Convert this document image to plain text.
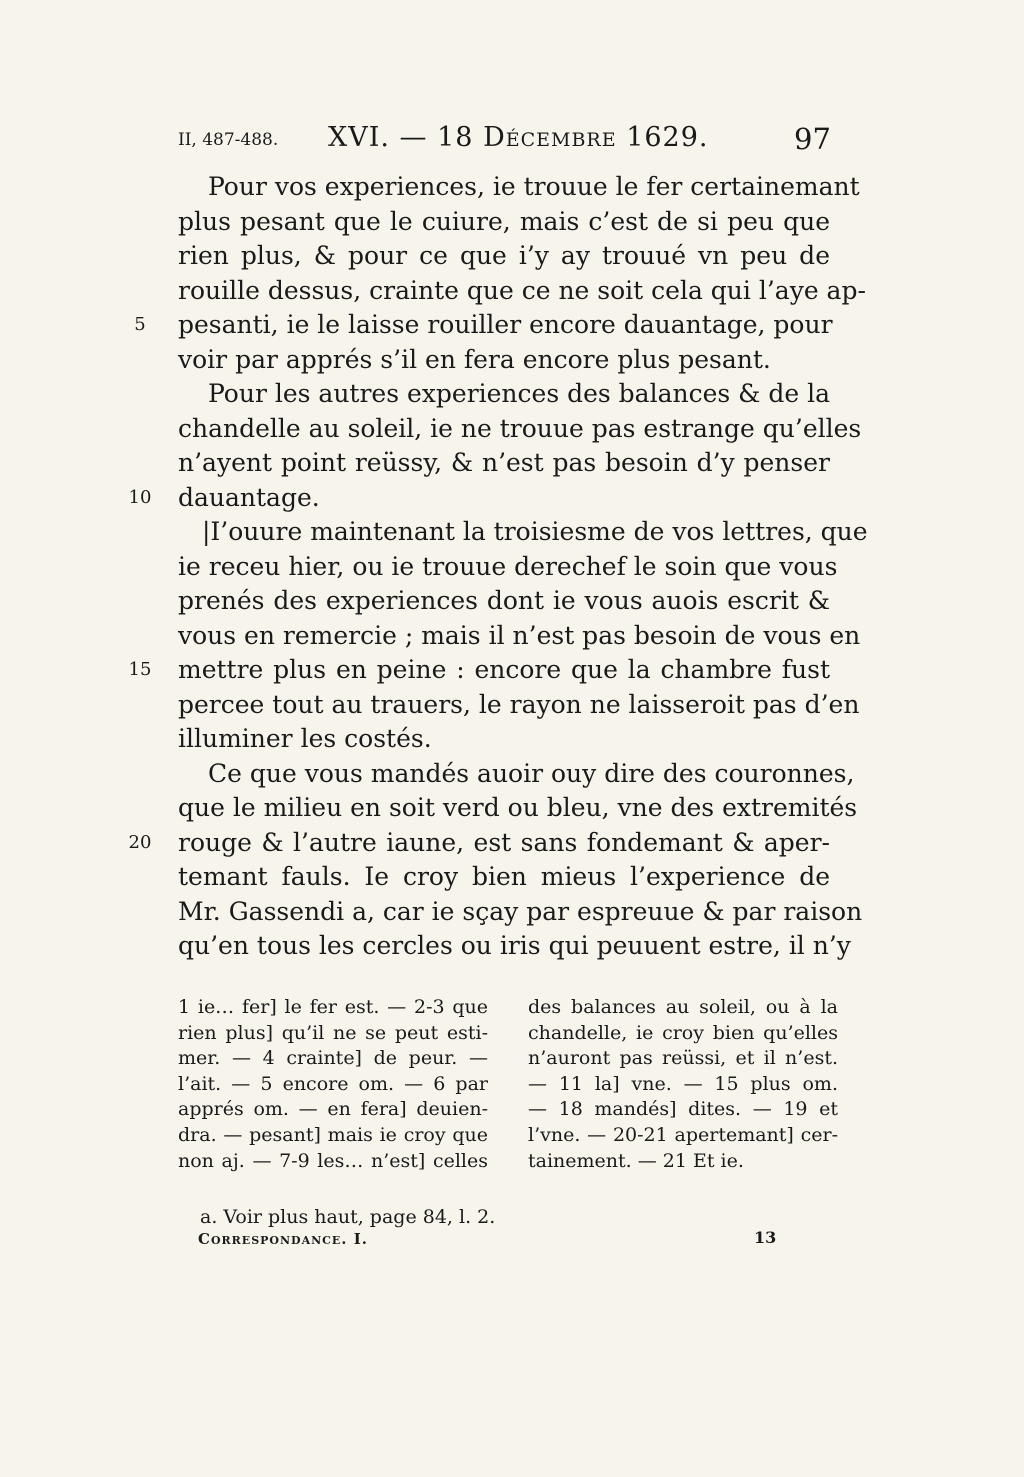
II, 487-488. XVI. — 18 Décembre 1629.	97
5
10
15
20
Pour vos experiences, ie trouue le fer certainemant
plus pesant que le cuiure, mais c’est de si peu que
rien plus, & pour ce que i’y ay trouué vn peu de
rouille dessus, crainte que ce ne soit cela qui l’aye ap-
pesanti, ie le laisse rouiller encore dauantage, pour
voir par apprés s’il en fera encore plus pesant.
Pour les autres experiences des balances & de la
chandelle au soleil, ie ne trouue pas estrange qu’elles
n’ayent point reüssy, & n’est pas besoin d’y penser
dauantage.
|I’ouure maintenant la troisiesme de vos lettres, que
ie receu hier, ou ie trouue derechef le soin que vous
prenés des experiences dont ie vous auois escrit &
vous en remercie ; mais il n’est pas besoin de vous en
mettre plus en peine : encore que la chambre fust
percee tout au trauers, le rayon ne laisseroit pas d’en
illuminer les costés.
Ce que vous mandés auoir ouy dire des couronnes,
que le milieu en soit verd ou bleu, vne des extremités
rouge & l’autre iaune, est sans fondemant & aper-
temant fauls. Ie croy bien mieus l’experience de
Mr. Gassendi a, car ie sçay par espreuue & par raison
qu’en tous les cercles ou iris qui peuuent estre, il n’y
1 ie… fer] le fer est. — 2-3 que
rien plus] qu’il ne se peut esti-
mer. — 4 crainte] de peur. —
l’ait. — 5 encore om. — 6 par
apprés om. — en fera] deuien-
dra. — pesant] mais ie croy que
non aj. — 7-9 les… n’est] celles
des balances au soleil, ou à la
chandelle, ie croy bien qu’elles
n’auront pas reüssi, et il n’est.
— 11 la] vne. — 15 plus om.
— 18 mandés] dites. — 19 et
l’vne. — 20-21 apertemant] cer-
tainement. — 21 Et ie.
a. Voir plus haut, page 84, l. 2.
Correspondance. I.	13
